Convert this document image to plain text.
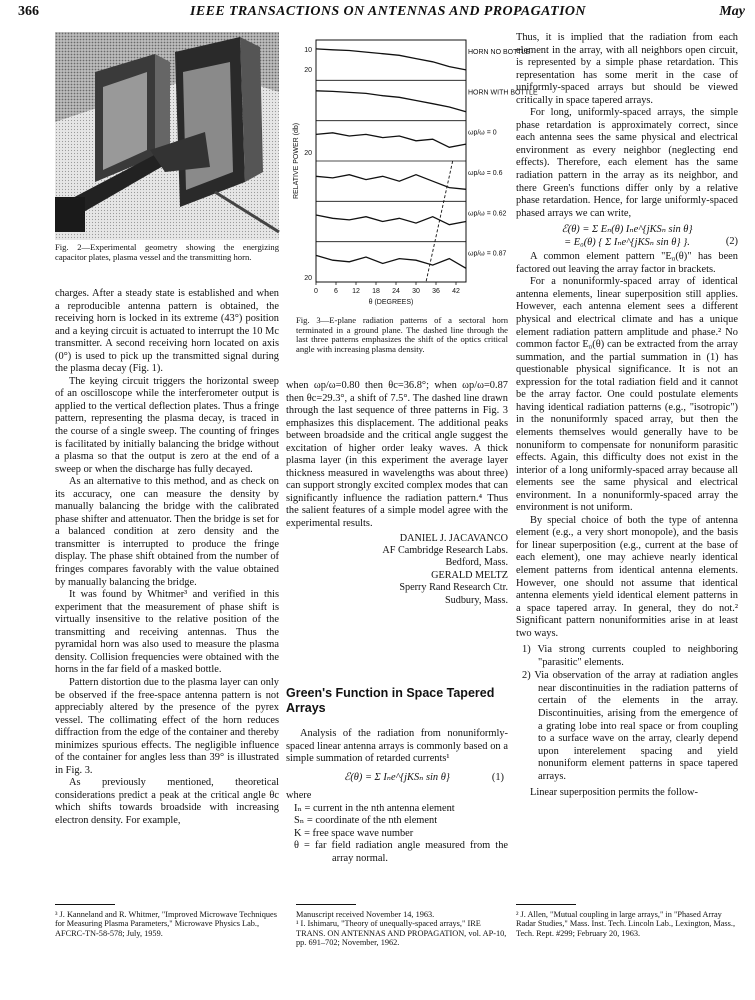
366	IEEE TRANSACTIONS ON ANTENNAS AND PROPAGATION	May
Fig. 2—Experimental geometry showing the energizing capacitor plates, plasma vessel and the transmitting horn.
0 6 12 18 24 30 36 42
θ (DEGREES)
10
20
20
20
RELATIVE POWER (db)
HORN NO BOTTLE
HORN WITH BOTTLE
ωp/ω = 0
ωp/ω = 0.6
ωp/ω = 0.62
ωp/ω = 0.87
Fig. 3—E-plane radiation patterns of a sectoral horn terminated in a ground plane. The dashed line through the last three patterns emphasizes the shift of the optics critical angle with increasing plasma density.

charges. After a steady state is established and when a reproducible antenna pattern is obtained, the receiving horn is locked in its extreme (43°) position and a keying circuit is actuated to interrupt the 10 Mc transmitter. A second receiving horn located on axis (0°) is used to pick up the transmitted signal during the plasma decay (Fig. 1).

The keying circuit triggers the horizontal sweep of an oscilloscope while the interferometer output is applied to the vertical deflection plates. Thus a fringe pattern, representing the plasma decay, is traced in the course of a single sweep. The counting of fringes is facilitated by initially balancing the bridge without a plasma so that the output is zero at the end of a sweep or when the discharge has fully decayed.

As an alternative to this method, and as check on its accuracy, one can measure the density by manually balancing the bridge with the calibrated phase shifter and attenuator. Then the bridge is set for a balanced condition at zero density and the transmitter is interrupted to produce the fringe display. The phase shift obtained from the number of fringes compares favorably with the value obtained by manually balancing the bridge.

It was found by Whitmer³ and verified in this experiment that the measurement of phase shift is virtually insensitive to the relative position of the transmitting and receiving antennas. Thus the pyramidal horn was also used to measure the plasma density. Collision frequencies were obtained with the horns in the far field of a masked bottle.

Pattern distortion due to the plasma layer can only be observed if the free-space antenna pattern is not appreciably altered by the presence of the pyrex vessel. The collimating effect of the horn reduces diffraction from the edge of the container and thereby minimizes spurious effects. The negligible influence of the container for angles less than 39° is illustrated in Fig. 3.

As previously mentioned, theoretical considerations predict a peak at the critical angle θc which shifts towards broadside with increasing electron density. For example,

³ J. Kanneland and R. Whitmer, "Improved Microwave Techniques for Measuring Plasma Parameters," Microwave Physics Lab., AFCRC-TN-58-578; July, 1959.

when ωp/ω=0.80 then θc=36.8°; when ωp/ω=0.87 then θc=29.3°, a shift of 7.5°. The dashed line drawn through the last sequence of three patterns in Fig. 3 emphasizes this displacement. The additional peaks between broadside and the critical angle suggest the excitation of higher order leaky waves. A thick plasma layer (in this experiment the average layer thickness measured in wavelengths was about three) can support strongly excited complex modes that can significantly influence the radiation pattern.⁴ Thus the salient features of a simple model agree with the experimental results.

DANIEL J. JACAVANCO
AF Cambridge Research Labs.
Bedford, Mass.
GERALD MELTZ
Sperry Rand Research Ctr.
Sudbury, Mass.
Green's Function in Space Tapered Arrays

Analysis of the radiation from nonuniformly-spaced linear antenna arrays is commonly based on a simple summation of retarded currents¹

ℰ(θ) = Σ Iₙe^{jKSₙ sin θ}	(1)

where

Iₙ = current in the nth antenna element
Sₙ = coordinate of the nth element
K = free space wave number
θ = far field radiation angle measured from the array normal.
Manuscript received November 14, 1963.
¹ I. Ishimaru, "Theory of unequally-spaced arrays," IRE TRANS. ON ANTENNAS AND PROPAGATION, vol. AP-10, pp. 691–702; November, 1962.

Thus, it is implied that the radiation from each element in the array, with all neighbors open circuit, is represented by a simple phase retardation. This representation has some merit in the case of uniformly-spaced arrays but should be viewed critically in space tapered arrays.

For long, uniformly-spaced arrays, the simple phase retardation is approximately correct, since each antenna sees the same physical and electrical environment as every neighbor (neglecting end effects). Therefore, each element has the same radiation pattern in the array as its neighbor, and there Green's functions differ only by a relative phase retardation. Hence, for large uniformly-spaced phased arrays we can write,

ℰ(θ) = Σ Eₙ(θ) Iₙe^{jKSₙ sin θ}
= E₀(θ) { Σ Iₙe^{jKSₙ sin θ} }.	(2)

A common element pattern "E₀(θ)" has been factored out leaving the array factor in brackets.

For a nonuniformly-spaced array of identical antenna elements, linear superposition still applies. However, each antenna element sees a different physical and electrical climate and has a unique element radiation pattern amplitude and phase.² No common factor E₀(θ) can be extracted from the array summation, and the partial summation in (1) has questionable physical significance. It is not an expression for the total radiation field and it cannot be the array factor. One could postulate elements having identical radiation patterns (e.g., "isotropic") in the nonuniformly spaced array, but then the elements themselves would generally have to be nonuniform to compensate for nonuniform parasitic effects. Again, this difficulty does not exist in the interior of a long uniformly-spaced array because all elements see the same physical and electrical environment. In a nonuniformly-spaced array the environment is not uniform.

By special choice of both the type of antenna element (e.g., a very short monopole), and the basis for linear superposition (e.g., current at the base of each element), one may achieve nearly identical element patterns from identical antenna elements. However, one should not assume that identical antenna elements yield identical element patterns in a space tapered array. In general, they do not.² Significant pattern nonuniformities arise in at least two ways.

1) Via strong currents coupled to neighboring "parasitic" elements.
2) Via observation of the array at radiation angles near discontinuities in the radiation patterns of certain of the elements in the array. Discontinuities, arising from the emergence of a grating lobe into real space or from coupling to a surface wave on the array, clearly depend upon interelement spacing and yield nonuniform element patterns in space tapered arrays.

Linear superposition permits the follow-

² J. Allen, "Mutual coupling in large arrays," in "Phased Array Radar Studies," Mass. Inst. Tech. Lincoln Lab., Lexington, Mass., Tech. Rept. #299; February 20, 1963.
